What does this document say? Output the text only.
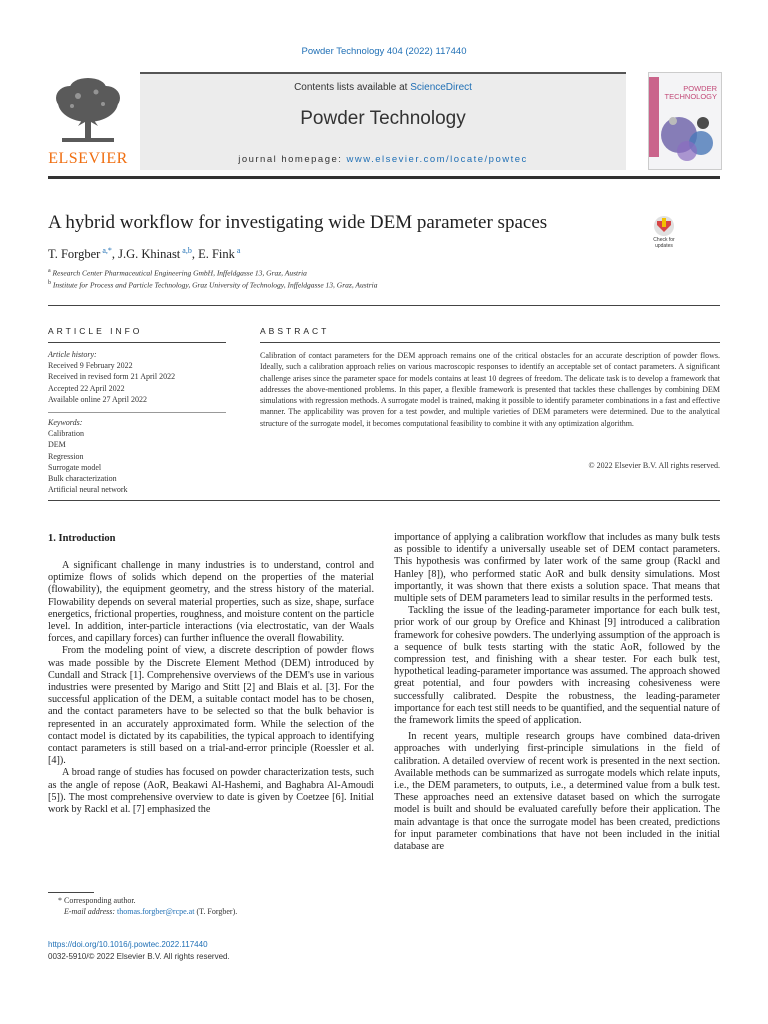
Powder Technology 404 (2022) 117440
ELSEVIER
Contents lists available at ScienceDirect
Powder Technology
journal homepage: www.elsevier.com/locate/powtec
POWDER TECHNOLOGY
A hybrid workflow for investigating wide DEM parameter spaces
Check for updates
T. Forgber $^{a,*}$, J.G. Khinast $^{a,b}$, E. Fink $^a$
$^a$ Research Center Pharmaceutical Engineering GmbH, Inffeldgasse 13, Graz, Austria
$^b$ Institute for Process and Particle Technology, Graz University of Technology, Inffeldgasse 13, Graz, Austria
ARTICLE INFO
Article history:
Received 9 February 2022
Received in revised form 21 April 2022
Accepted 22 April 2022
Available online 27 April 2022
Keywords:
Calibration
DEM
Regression
Surrogate model
Bulk characterization
Artificial neural network
ABSTRACT
Calibration of contact parameters for the DEM approach remains one of the critical obstacles for an accurate description of powder flows. Ideally, such a calibration approach relies on various macroscopic responses to identify an acceptable set of contact parameters. A significant challenge arises since the parameter space for models contains at least 10 degrees of freedom. The delicate task is to develop a framework that addresses the above-mentioned problems. In this paper, a flexible framework is presented that tackles these challenges by combining DEM simulations with regression methods. A surrogate model is trained, making it possible to identify parameter combinations in a fast and effective manner. The applicability was proven for a test powder, and multiple varieties of DEM parameters were determined. Due to the analytical structure of the surrogate model, it becomes computational feasibility to combine it with any optimization algorithm.
© 2022 Elsevier B.V. All rights reserved.
1. Introduction

A significant challenge in many industries is to understand, control and optimize flows of solids which depend on the properties of the material (flowability), the equipment geometry, and the stress history of the material. Flowability depends on several material properties, such as size, shape, surface energetics, frictional properties, roughness, and moisture content on the particle level. In addition, inter-particle interactions (via electrostatic, van der Waals forces, and capillary forces) can further influence the overall flowability.

From the modeling point of view, a discrete description of powder flows was made possible by the Discrete Element Method (DEM) introduced by Cundall and Strack [1]. Comprehensive overviews of the DEM's use in various industries were presented by Marigo and Stitt [2] and Blais et al. [3]. For the successful application of the DEM, a suitable contact model has to be chosen, and the contact parameters have to be selected so that the bulk behavior is represented in an accurately approximated form. While the selection of the contact model is dictated by its capabilities, the typical approach to identifying contact parameters is still based on a trial-and-error principle (Roessler et al. [4]).

A broad range of studies has focused on powder characterization tests, such as the angle of repose (AoR, Beakawi Al-Hashemi, and Baghabra Al-Amoudi [5]). The most comprehensive overview to date is given by Coetzee [6]. Initial work by Rackl et al. [7] emphasized the

importance of applying a calibration workflow that includes as many bulk tests as possible to identify a universally useable set of DEM contact parameters. This hypothesis was confirmed by later work of the same group (Rackl and Hanley [8]), who performed static AoR and bulk density simulations. Most importantly, it was shown that there exists a solution space. That means that multiple sets of DEM parameters lead to similar results in the performed tests.

Tackling the issue of the leading-parameter importance for each bulk test, prior work of our group by Orefice and Khinast [9] introduced a calibration framework for cohesive powders. The underlying assumption of the approach is a sequence of bulk tests starting with the static AoR, followed by the compression test, and finishing with a shear tester. For each bulk test, hypothetical leading-parameter importance was assumed. The approach showed great potential, and four powders with increasing cohesiveness were successfully calibrated. Despite the robustness, the leading-parameter importance for each test still needs to be quantified, and the sequential nature of the framework limits the speed of application.

In recent years, multiple research groups have combined data-driven approaches with underlying first-principle simulations in the field of calibration. A detailed overview of recent work is presented in the next section. Available methods can be summarized as surrogate models which relate inputs, i.e., the DEM parameters, to outputs, i.e., a determined value from a bulk test. These approaches need an extensive dataset based on which the surrogate model is built and should be evaluated carefully before their application. The main advantage is that once the surrogate model has been created, predictions for input parameter combinations that have not been included in the initial database are

* Corresponding author.
E-mail address: thomas.forgber@rcpe.at (T. Forgber).
https://doi.org/10.1016/j.powtec.2022.117440
0032-5910/© 2022 Elsevier B.V. All rights reserved.
